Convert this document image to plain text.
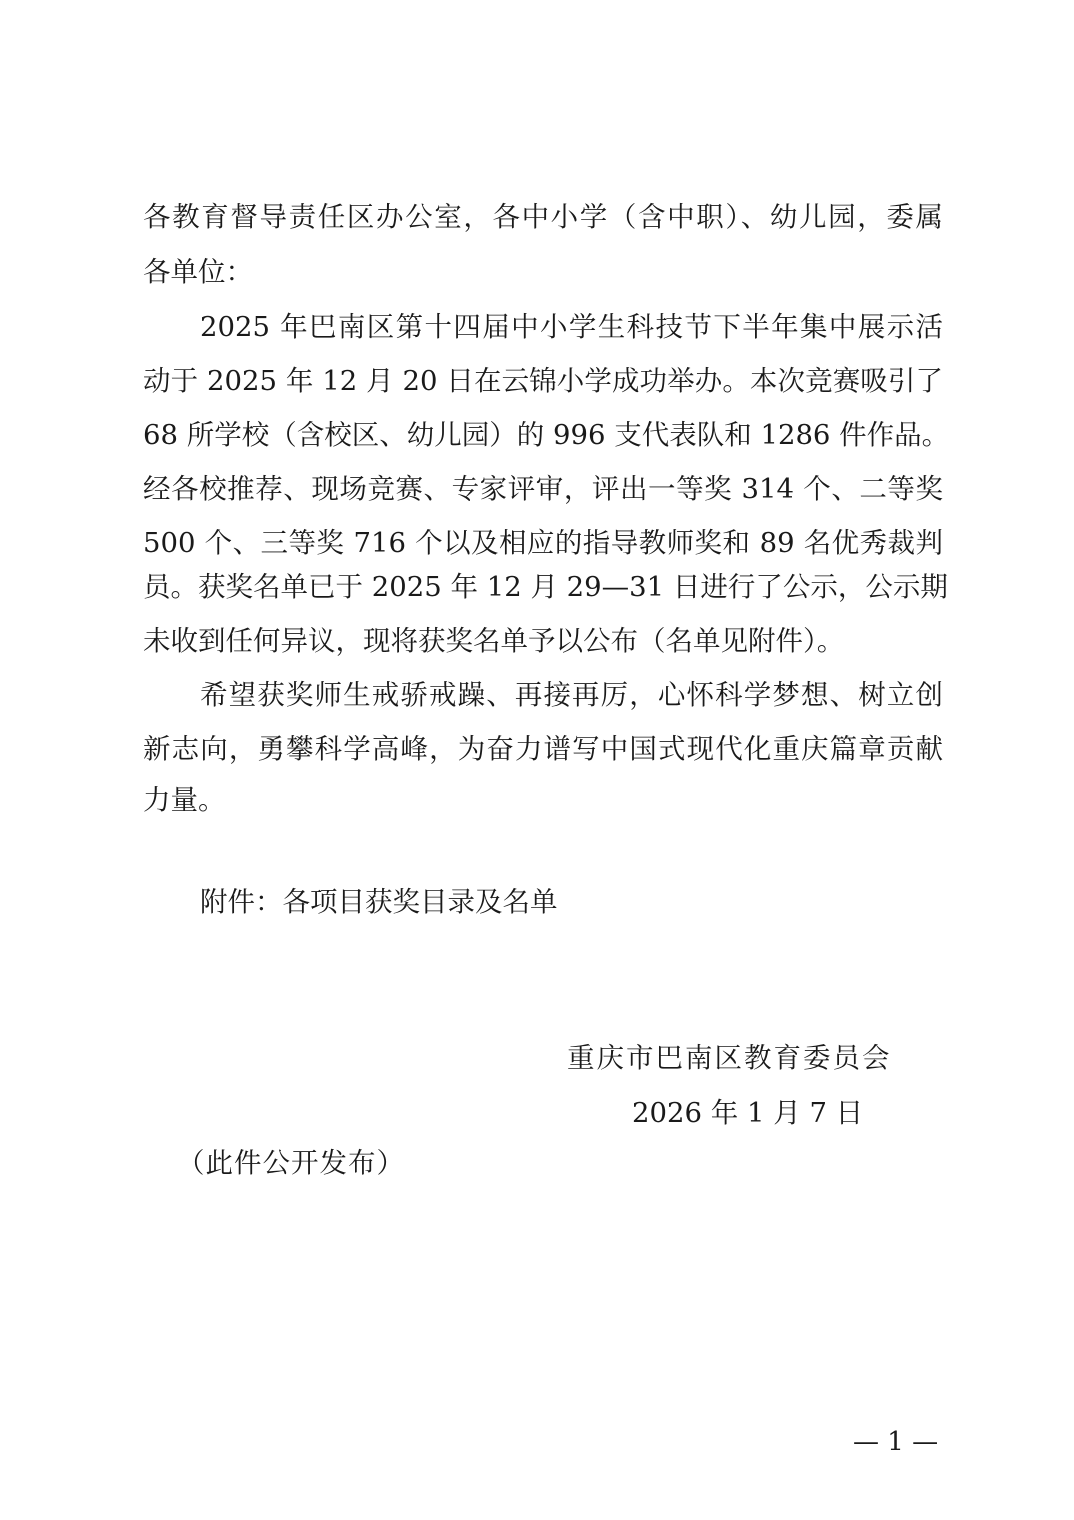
各教育督导责任区办公室，各中小学（含中职）、幼儿园，委属
各单位：
2025 年巴南区第十四届中小学生科技节下半年集中展示活
动于 2025 年 12 月 20 日在云锦小学成功举办。本次竞赛吸引了
68 所学校（含校区、幼儿园）的 996 支代表队和 1286 件作品。
经各校推荐、现场竞赛、专家评审，评出一等奖 314 个、二等奖
500 个、三等奖 716 个以及相应的指导教师奖和 89 名优秀裁判
员。获奖名单已于 2025 年 12 月 29—31 日进行了公示，公示期
未收到任何异议，现将获奖名单予以公布（名单见附件）。
希望获奖师生戒骄戒躁、再接再厉，心怀科学梦想、树立创
新志向，勇攀科学高峰，为奋力谱写中国式现代化重庆篇章贡献
力量。
附件：各项目获奖目录及名单
重庆市巴南区教育委员会
2026 年 1 月 7 日
（此件公开发布）
— 1 —
